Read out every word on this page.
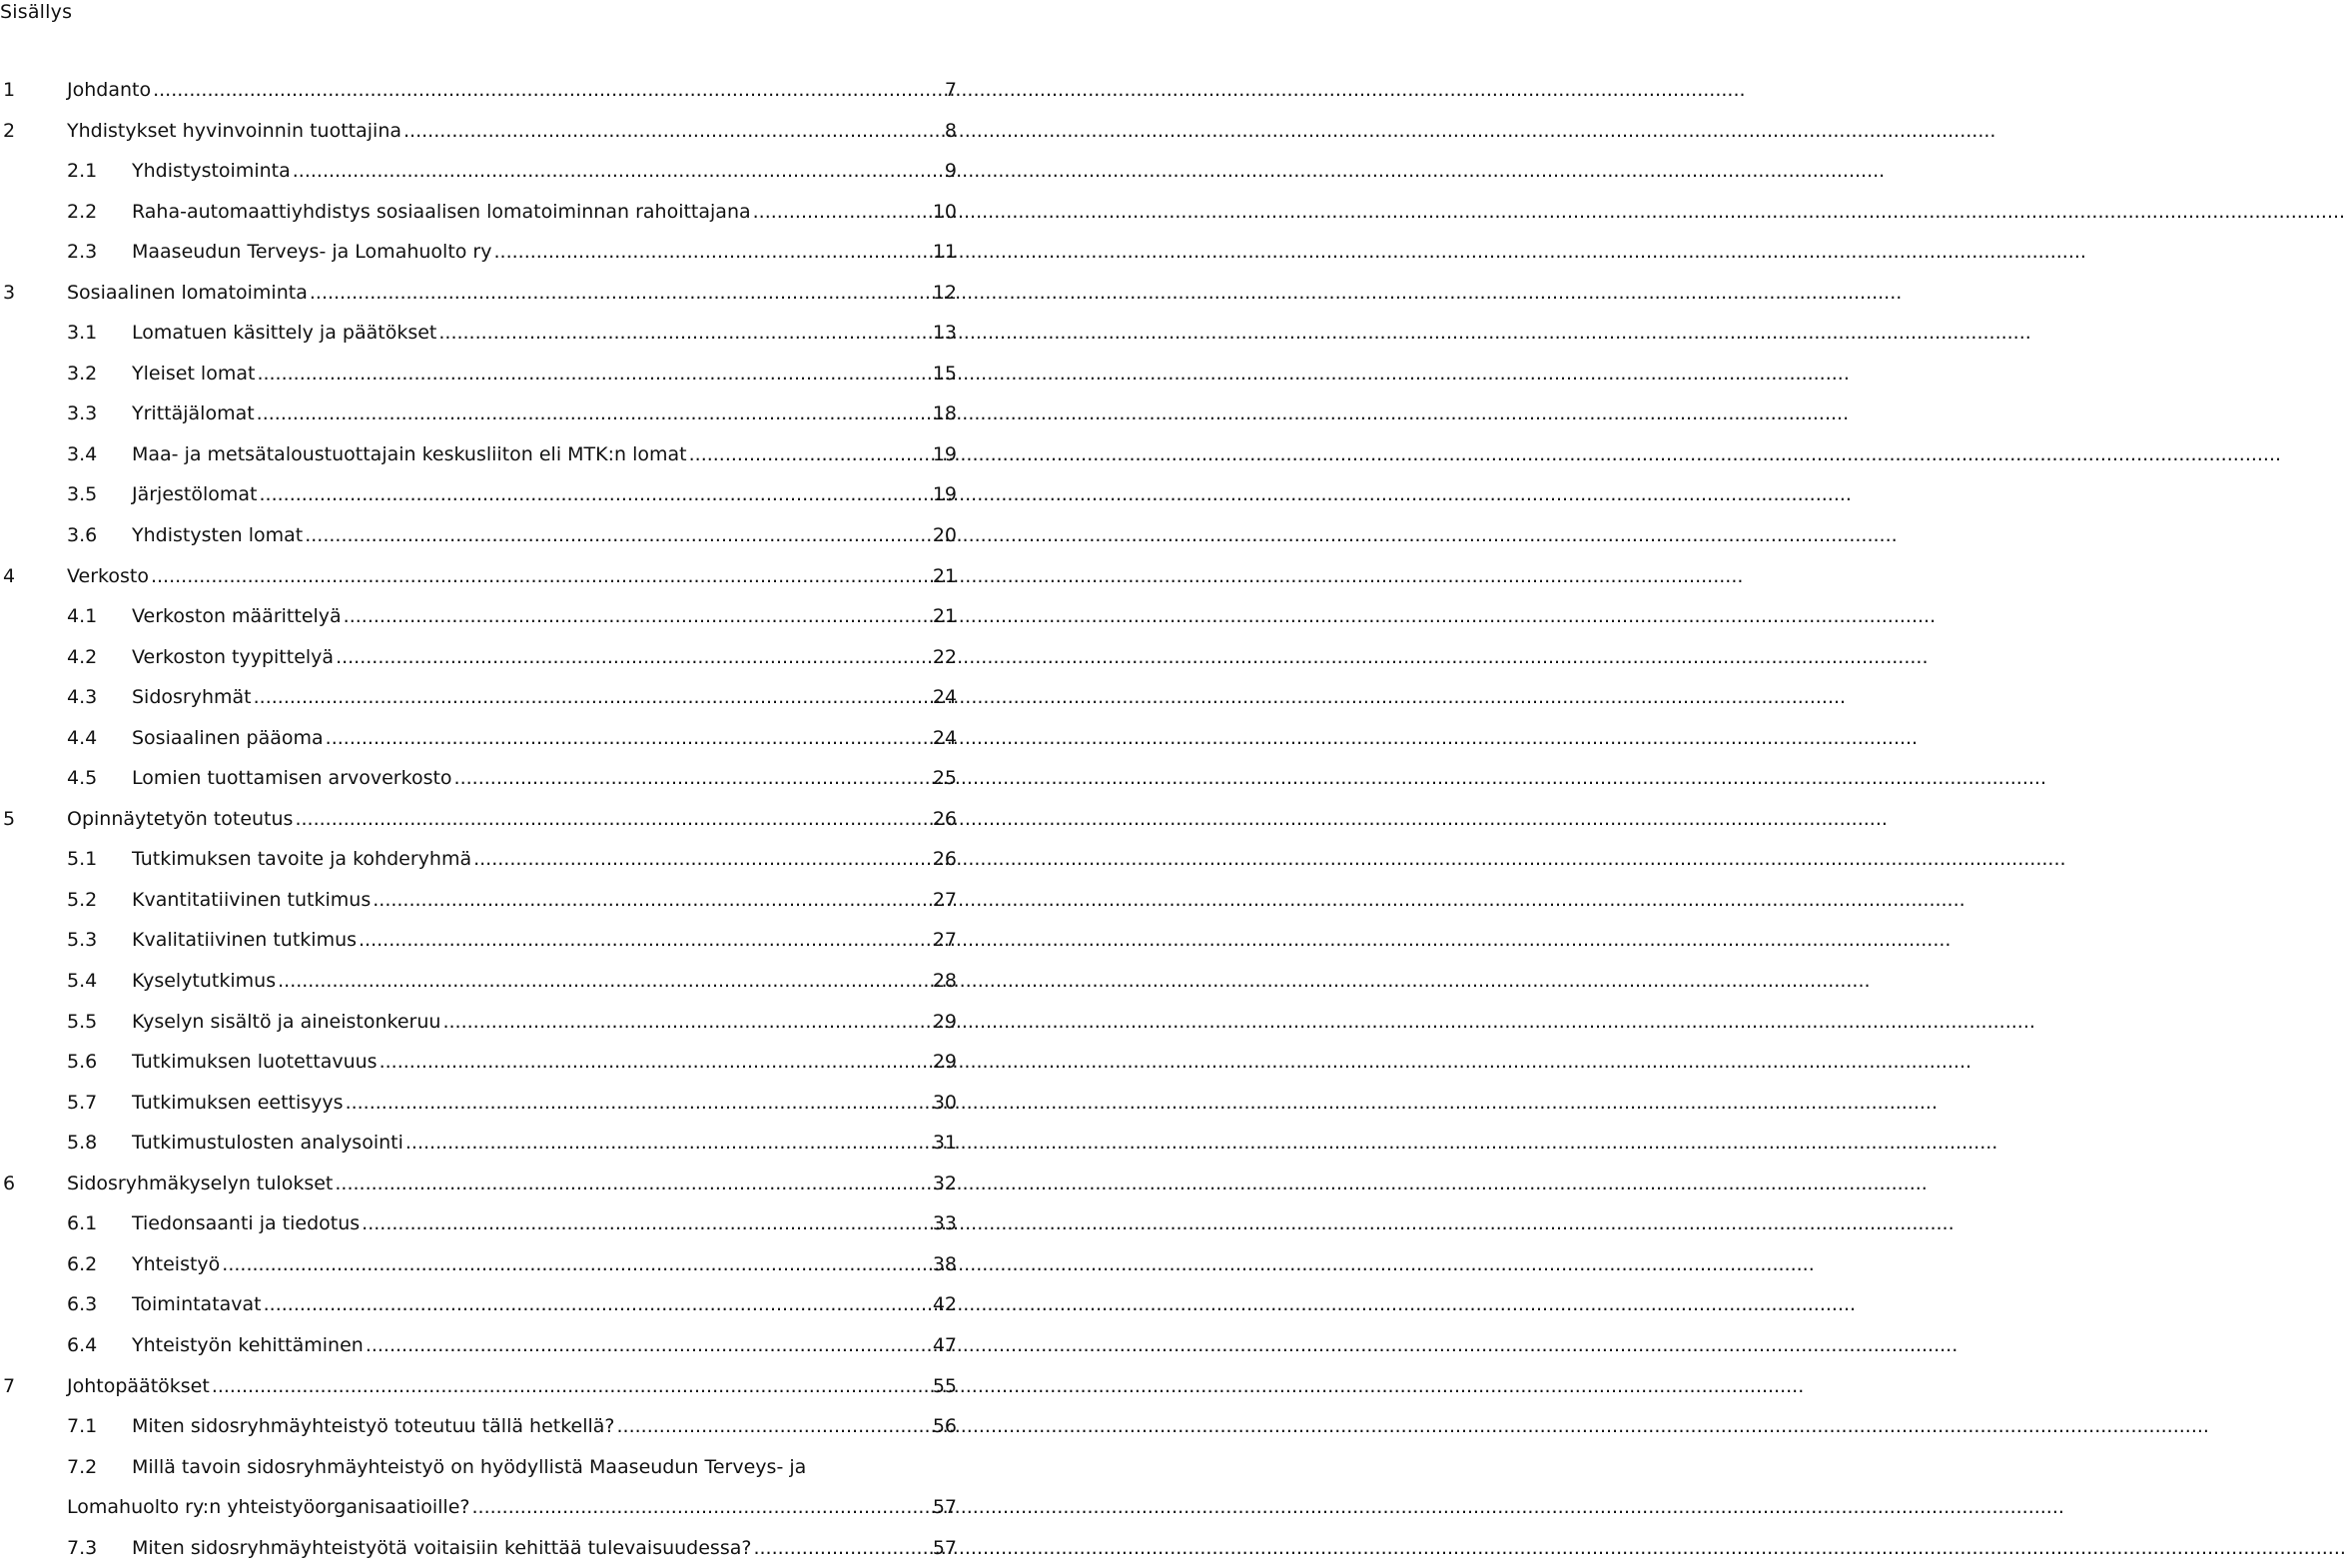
Sisällys
1	Johdanto .....	7
2	Yhdistykset hyvinvoinnin tuottajina .....	8
2.1	Yhdistystoiminta .....	9
2.2	Raha-automaattiyhdistys sosiaalisen lomatoiminnan rahoittajana .....	10
2.3	Maaseudun Terveys- ja Lomahuolto ry .....	11
3	Sosiaalinen lomatoiminta .....	12
3.1	Lomatuen käsittely ja päätökset .....	13
3.2	Yleiset lomat .....	15
3.3	Yrittäjälomat .....	18
3.4	Maa- ja metsätaloustuottajain keskusliiton eli MTK:n lomat .....	19
3.5	Järjestölomat .....	19
3.6	Yhdistysten lomat .....	20
4	Verkosto .....	21
4.1	Verkoston määrittelyä .....	21
4.2	Verkoston tyypittelyä .....	22
4.3	Sidosryhmät .....	24
4.4	Sosiaalinen pääoma .....	24
4.5	Lomien tuottamisen arvoverkosto .....	25
5	Opinnäytetyön toteutus .....	26
5.1	Tutkimuksen tavoite ja kohderyhmä .....	26
5.2	Kvantitatiivinen tutkimus .....	27
5.3	Kvalitatiivinen tutkimus .....	27
5.4	Kyselytutkimus .....	28
5.5	Kyselyn sisältö ja aineistonkeruu .....	29
5.6	Tutkimuksen luotettavuus .....	29
5.7	Tutkimuksen eettisyys .....	30
5.8	Tutkimustulosten analysointi .....	31
6	Sidosryhmäkyselyn tulokset .....	32
6.1	Tiedonsaanti ja tiedotus .....	33
6.2	Yhteistyö .....	38
6.3	Toimintatavat .....	42
6.4	Yhteistyön kehittäminen .....	47
7	Johtopäätökset .....	55
7.1	Miten sidosryhmäyhteistyö toteutuu tällä hetkellä? .....	56
7.2	Millä tavoin sidosryhmäyhteistyö on hyödyllistä Maaseudun Terveys- ja
Lomahuolto ry:n yhteistyöorganisaatioille? .....	57
7.3	Miten sidosryhmäyhteistyötä voitaisiin kehittää tulevaisuudessa? .....	57
